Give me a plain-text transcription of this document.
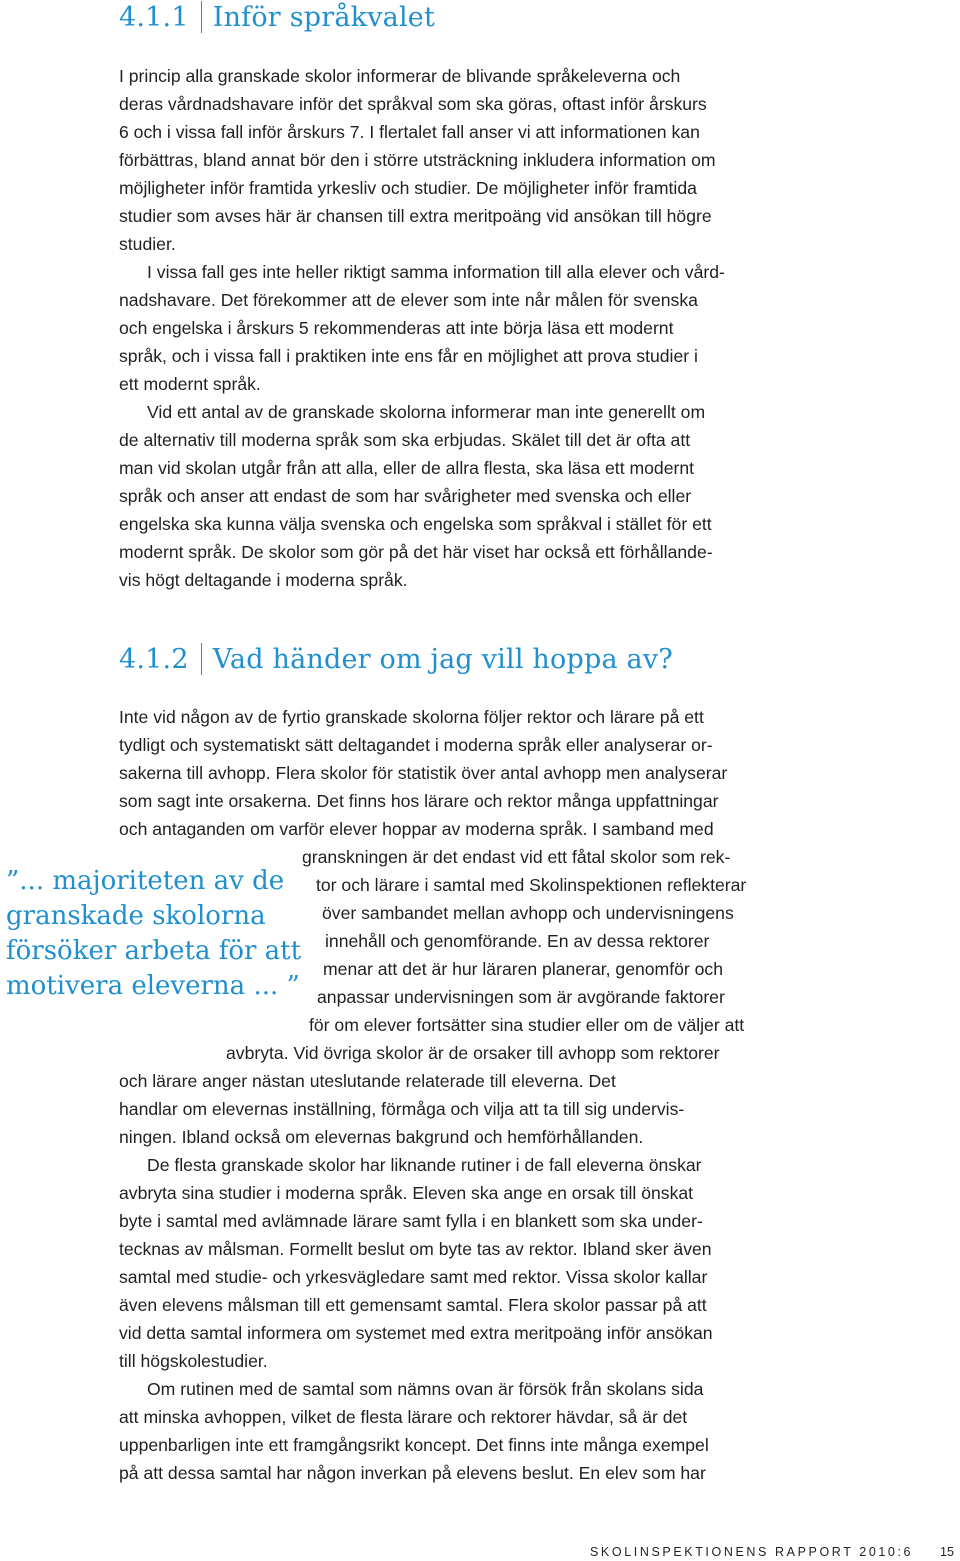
4.1.1 Inför språkvalet
I princip alla granskade skolor informerar de blivande språkeleverna och
deras vårdnadshavare inför det språkval som ska göras, oftast inför årskurs
6 och i vissa fall inför årskurs 7. I flertalet fall anser vi att informationen kan
förbättras, bland annat bör den i större utsträckning inkludera information om
möjligheter inför framtida yrkesliv och studier. De möjligheter inför framtida
studier som avses här är chansen till extra meritpoäng vid ansökan till högre
studier.
I vissa fall ges inte heller riktigt samma information till alla elever och vård-
nadshavare. Det förekommer att de elever som inte når målen för svenska
och engelska i årskurs 5 rekommenderas att inte börja läsa ett modernt
språk, och i vissa fall i praktiken inte ens får en möjlighet att prova studier i
ett modernt språk.
Vid ett antal av de granskade skolorna informerar man inte generellt om
de alternativ till moderna språk som ska erbjudas. Skälet till det är ofta att
man vid skolan utgår från att alla, eller de allra flesta, ska läsa ett modernt
språk och anser att endast de som har svårigheter med svenska och eller
engelska ska kunna välja svenska och engelska som språkval i stället för ett
modernt språk. De skolor som gör på det här viset har också ett förhållande-
vis högt deltagande i moderna språk.
4.1.2 Vad händer om jag vill hoppa av?
”... majoriteten av de
granskade skolorna
försöker arbeta för att
motivera eleverna ... ”
Inte vid någon av de fyrtio granskade skolorna följer rektor och lärare på ett
tydligt och systematiskt sätt deltagandet i moderna språk eller analyserar or-
sakerna till avhopp. Flera skolor för statistik över antal avhopp men analyserar
som sagt inte orsakerna. Det finns hos lärare och rektor många uppfattningar
och antaganden om varför elever hoppar av moderna språk. I samband med
granskningen är det endast vid ett fåtal skolor som rek-
tor och lärare i samtal med Skolinspektionen reflekterar
över sambandet mellan avhopp och undervisningens
innehåll och genomförande. En av dessa rektorer
menar att det är hur läraren planerar, genomför och
anpassar undervisningen som är avgörande faktorer
för om elever fortsätter sina studier eller om de väljer att
avbryta. Vid övriga skolor är de orsaker till avhopp som rektorer
och lärare anger nästan uteslutande relaterade till eleverna. Det
handlar om elevernas inställning, förmåga och vilja att ta till sig undervis-
ningen. Ibland också om elevernas bakgrund och hemförhållanden.
De flesta granskade skolor har liknande rutiner i de fall eleverna önskar
avbryta sina studier i moderna språk. Eleven ska ange en orsak till önskat
byte i samtal med avlämnade lärare samt fylla i en blankett som ska under-
tecknas av målsman. Formellt beslut om byte tas av rektor. Ibland sker även
samtal med studie- och yrkesvägledare samt med rektor. Vissa skolor kallar
även elevens målsman till ett gemensamt samtal. Flera skolor passar på att
vid detta samtal informera om systemet med extra meritpoäng inför ansökan
till högskolestudier.
Om rutinen med de samtal som nämns ovan är försök från skolans sida
att minska avhoppen, vilket de flesta lärare och rektorer hävdar, så är det
uppenbarligen inte ett framgångsrikt koncept. Det finns inte många exempel
på att dessa samtal har någon inverkan på elevens beslut. En elev som har
SKOLINSPEKTIONENS RAPPORT 2010:6 15
